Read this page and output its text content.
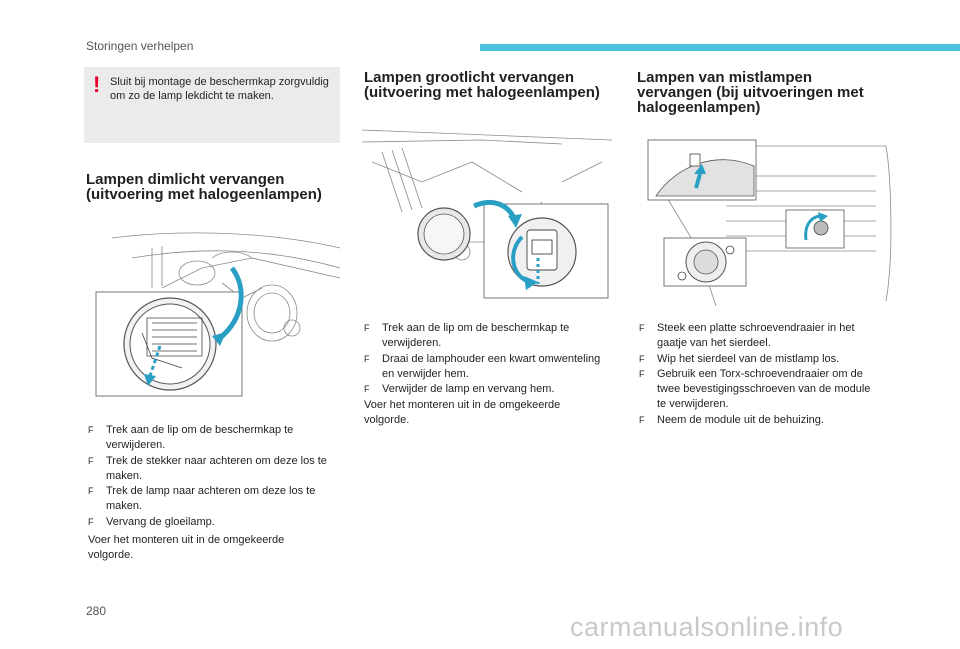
Storingen verhelpen
! Sluit bij montage de beschermkap zorgvuldig om zo de lamp lekdicht te maken.
Lampen dimlicht vervangen
(uitvoering met halogeenlampen)
F Trek aan de lip om de beschermkap te verwijderen.
F Trek de stekker naar achteren om deze los te maken.
F Trek de lamp naar achteren om deze los te maken.
F Vervang de gloeilamp.
Voer het monteren uit in de omgekeerde volgorde.
Lampen grootlicht vervangen
(uitvoering met halogeenlampen)
F Trek aan de lip om de beschermkap te verwijderen.
F Draai de lamphouder een kwart omwenteling en verwijder hem.
F Verwijder de lamp en vervang hem.
Voer het monteren uit in de omgekeerde volgorde.
Lampen van mistlampen
vervangen (bij uitvoeringen met
halogeenlampen)
F Steek een platte schroevendraaier in het gaatje van het sierdeel.
F Wip het sierdeel van de mistlamp los.
F Gebruik een Torx-schroevendraaier om de twee bevestigingsschroeven van de module te verwijderen.
F Neem de module uit de behuizing.
280
carmanualsonline.info
